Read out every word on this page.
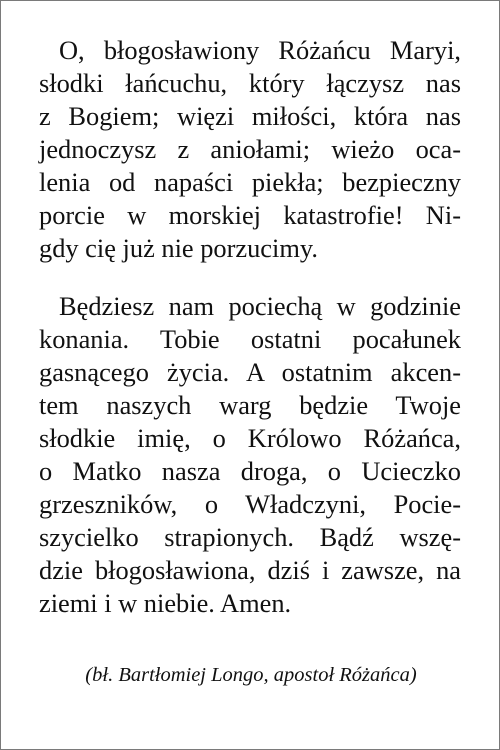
O, błogosławiony Różańcu Maryi,
słodki łańcuchu, który łączysz nas
z Bogiem; więzi miłości, która nas
jednoczysz z aniołami; wieżo oca-
lenia od napaści piekła; bezpieczny
porcie w morskiej katastrofie! Ni-
gdy cię już nie porzucimy.
Będziesz nam pociechą w godzinie
konania. Tobie ostatni pocałunek
gasnącego życia. A ostatnim akcen-
tem naszych warg będzie Twoje
słodkie imię, o Królowo Różańca,
o Matko nasza droga, o Ucieczko
grzeszników, o Władczyni, Pocie-
szycielko strapionych. Bądź wszę-
dzie błogosławiona, dziś i zawsze, na
ziemi i w niebie. Amen.
(bł. Bartłomiej Longo, apostoł Różańca)
